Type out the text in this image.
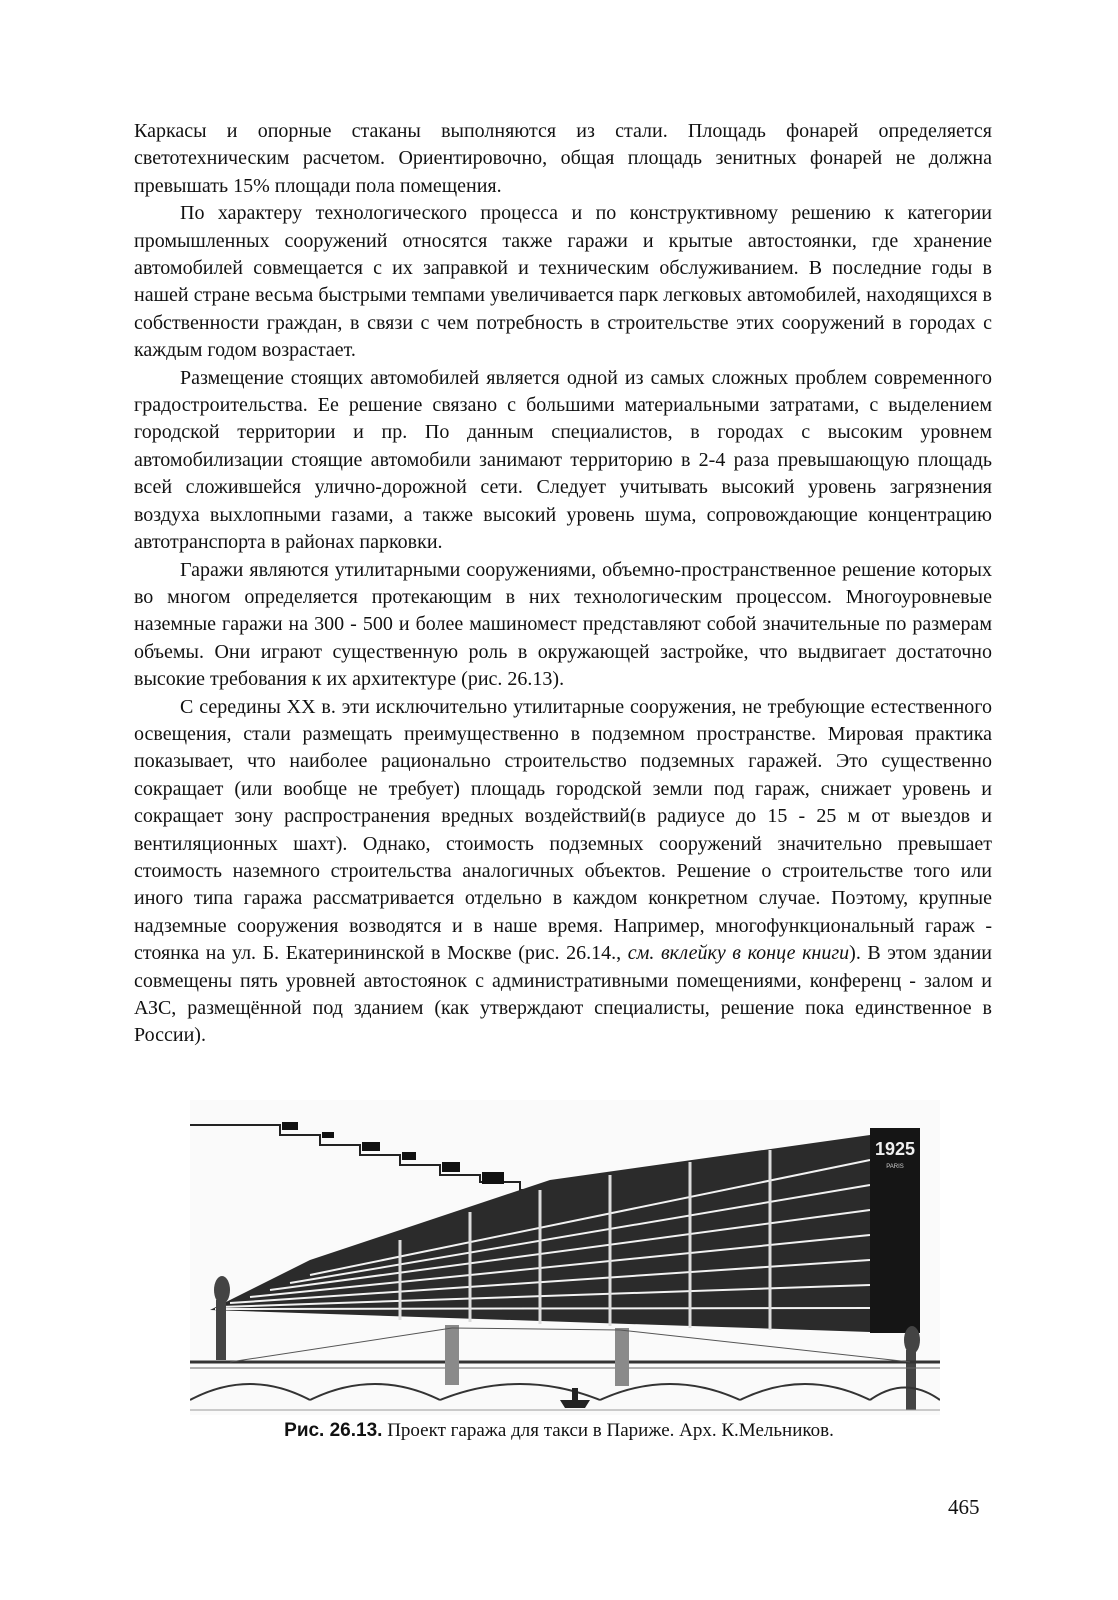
Каркасы и опорные стаканы выполняются из стали. Площадь фонарей определяется светотехническим расчетом. Ориентировочно, общая площадь зенитных фонарей не должна превышать 15% площади пола помещения.

По характеру технологического процесса и по конструктивному решению к категории промышленных сооружений относятся также гаражи и крытые автостоянки, где хранение автомобилей совмещается с их заправкой и техническим обслуживанием. В последние годы в нашей стране весьма быстрыми темпами увеличивается парк легковых автомобилей, находящихся в собственности граждан, в связи с чем потребность в строительстве этих сооружений в городах с каждым годом возрастает.

Размещение стоящих автомобилей является одной из самых сложных проблем современного градостроительства. Ее решение связано с большими материальными затратами, с выделением городской территории и пр. По данным специалистов, в городах с высоким уровнем автомобилизации стоящие автомобили занимают территорию в 2-4 раза превышающую площадь всей сложившейся улично-дорожной сети. Следует учитывать высокий уровень загрязнения воздуха выхлопными газами, а также высокий уровень шума, сопровождающие концентрацию автотранспорта в районах парковки.

Гаражи являются утилитарными сооружениями, объемно-пространственное решение которых во многом определяется протекающим в них технологическим процессом. Многоуровневые наземные гаражи на 300 - 500 и более машиномест представляют собой значительные по размерам объемы. Они играют существенную роль в окружающей застройке, что выдвигает достаточно высокие требования к их архитектуре (рис. 26.13).

С середины XX в. эти исключительно утилитарные сооружения, не требующие естественного освещения, стали размещать преимущественно в подземном пространстве. Мировая практика показывает, что наиболее рационально строительство подземных гаражей. Это существенно сокращает (или вообще не требует) площадь городской земли под гараж, снижает уровень и сокращает зону распространения вредных воздействий(в радиусе до 15 - 25 м от выездов и вентиляционных шахт). Однако, стоимость подземных сооружений значительно превышает стоимость наземного строительства аналогичных объектов. Решение о строительстве того или иного типа гаража рассматривается отдельно в каждом конкретном случае. Поэтому, крупные надземные сооружения возводятся и в наше время. Например, многофункциональный гараж - стоянка на ул. Б. Екатерининской в Москве (рис. 26.14., см. вклейку в конце книги). В этом здании совмещены пять уровней автостоянок с административными помещениями, конференц - залом и АЗС, размещённой под зданием (как утверждают специалисты, решение пока единственное в России).

1925
PARIS
Рис. 26.13. Проект гаража для такси в Париже. Арх. К.Мельников.
465
